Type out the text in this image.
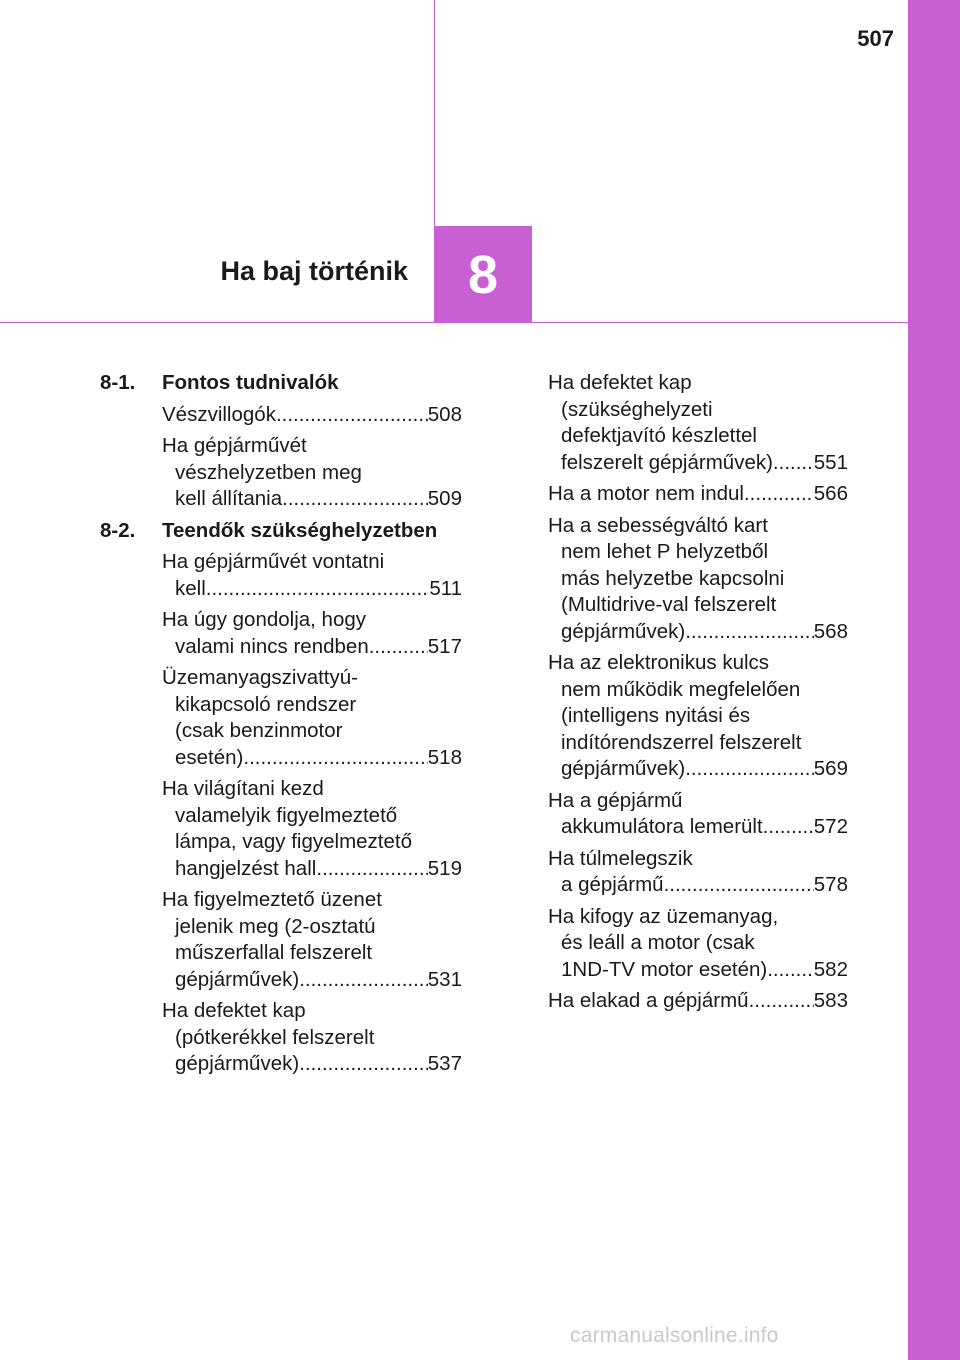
507
Ha baj történik 8
8-1.	Fontos tudnivalók
Vészvillogók .....	508
Ha gépjárművét
vészhelyzetben meg
kell állítania .....	509
8-2.	Teendők szükséghelyzetben
Ha gépjárművét vontatni
kell .....	511
Ha úgy gondolja, hogy
valami nincs rendben. .....	517
Üzemanyagszivattyú-
kikapcsoló rendszer
(csak benzinmotor
esetén) .....	518
Ha világítani kezd
valamelyik figyelmeztető
lámpa, vagy figyelmeztető
hangjelzést hall .....	519
Ha figyelmeztető üzenet
jelenik meg (2-osztatú
műszerfallal felszerelt
gépjárművek) .....	531
Ha defektet kap
(pótkerékkel felszerelt
gépjárművek) .....	537
Ha defektet kap
(szükséghelyzeti
defektjavító készlettel
felszerelt gépjárművek) ..... 551
Ha a motor nem indul .....	566
Ha a sebességváltó kart
nem lehet P helyzetből
más helyzetbe kapcsolni
(Multidrive-val felszerelt
gépjárművek) .....	568
Ha az elektronikus kulcs
nem működik megfelelően
(intelligens nyitási és
indítórendszerrel felszerelt
gépjárművek) .....	569
Ha a gépjármű
akkumulátora lemerült ..... 572
Ha túlmelegszik
a gépjármű .....	578
Ha kifogy az üzemanyag,
és leáll a motor (csak
1ND-TV motor esetén) ..... 582
Ha elakad a gépjármű .....	583
carmanualsonline.info
